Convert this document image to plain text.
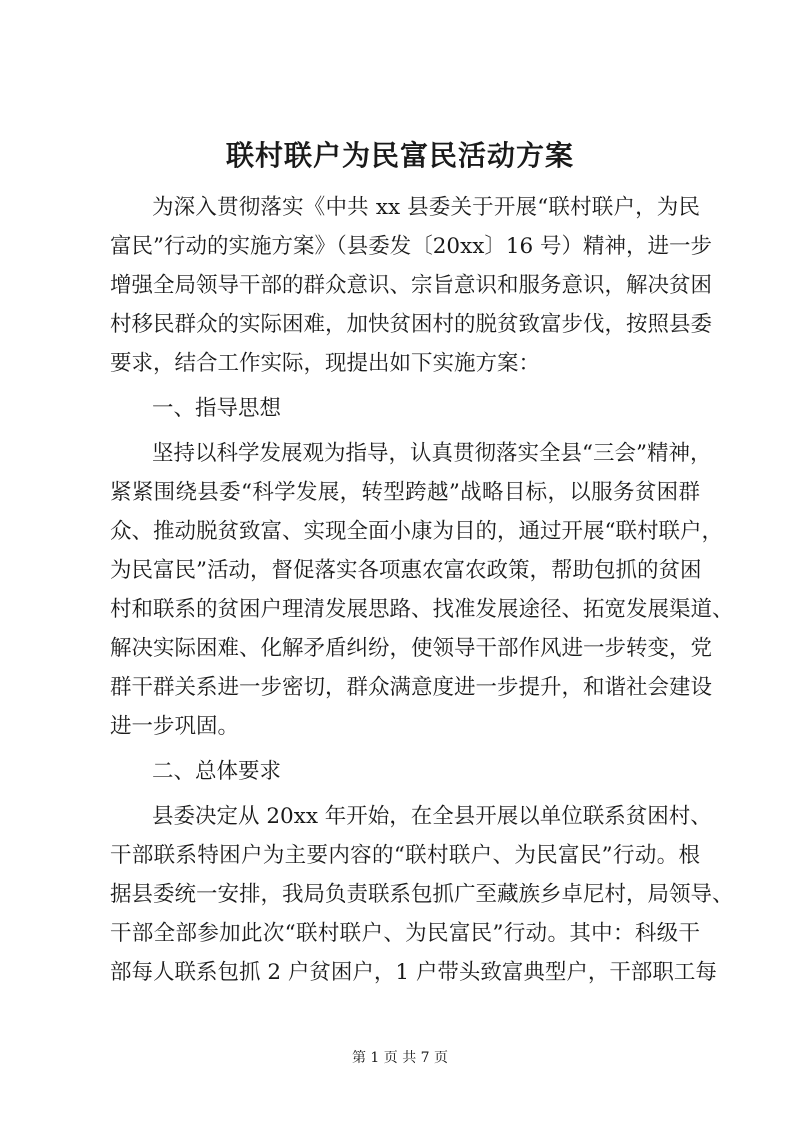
联村联户为民富民活动方案
为深入贯彻落实《中共 xx 县委关于开展“联村联户，为民
富民”行动的实施方案》（县委发〔20xx〕16 号）精神，进一步
增强全局领导干部的群众意识、宗旨意识和服务意识，解决贫困
村移民群众的实际困难，加快贫困村的脱贫致富步伐，按照县委
要求，结合工作实际，现提出如下实施方案：
一、指导思想
坚持以科学发展观为指导，认真贯彻落实全县“三会”精神，
紧紧围绕县委“科学发展，转型跨越”战略目标，以服务贫困群
众、推动脱贫致富、实现全面小康为目的，通过开展“联村联户，
为民富民”活动，督促落实各项惠农富农政策，帮助包抓的贫困
村和联系的贫困户理清发展思路、找准发展途径、拓宽发展渠道、
解决实际困难、化解矛盾纠纷，使领导干部作风进一步转变，党
群干群关系进一步密切，群众满意度进一步提升，和谐社会建设
进一步巩固。
二、总体要求
县委决定从 20xx 年开始，在全县开展以单位联系贫困村、
干部联系特困户为主要内容的“联村联户、为民富民”行动。根
据县委统一安排，我局负责联系包抓广至藏族乡卓尼村，局领导、
干部全部参加此次“联村联户、为民富民”行动。其中：科级干
部每人联系包抓 2 户贫困户，1 户带头致富典型户，干部职工每
第 1 页 共 7 页
